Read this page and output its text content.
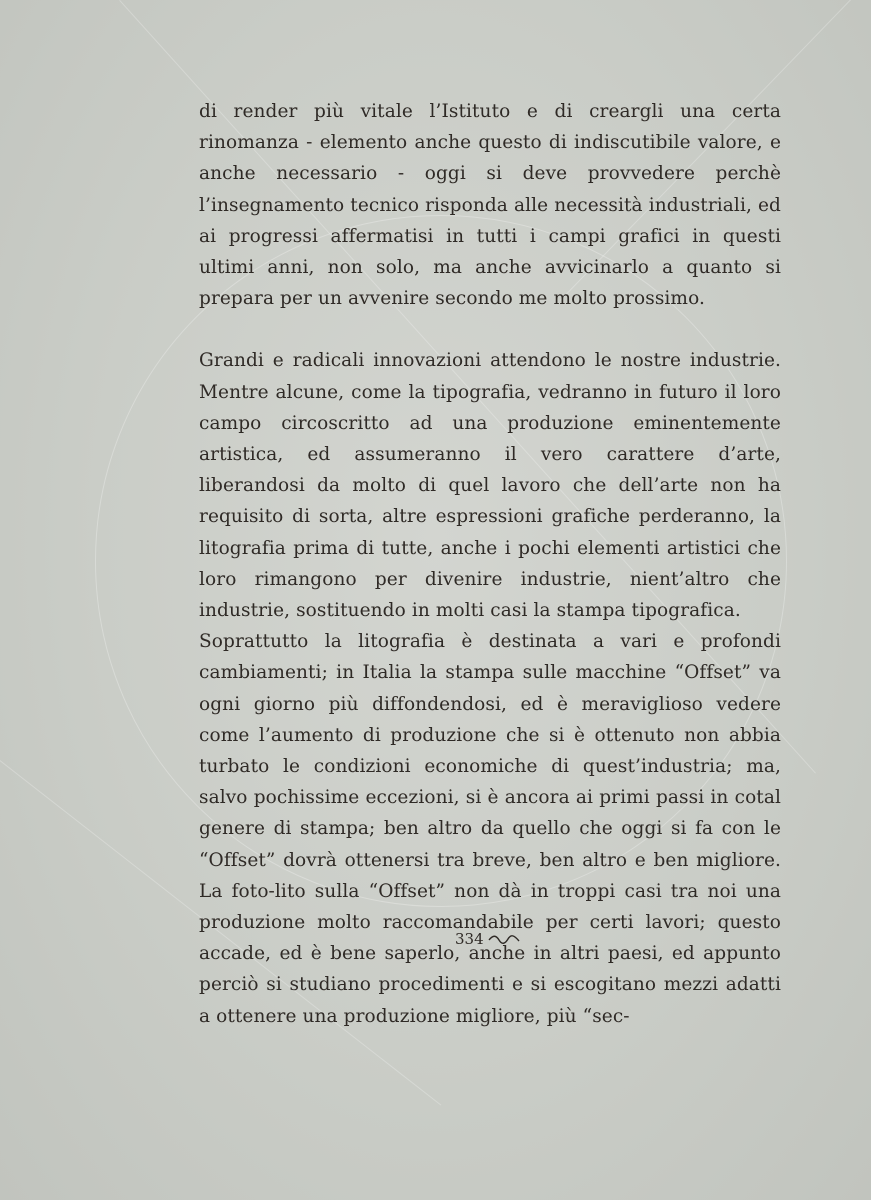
di render più vitale l’Istituto e di creargli una certa rinomanza - elemento anche questo di indiscutibile valore, e anche necessario - oggi si deve provvedere perchè l’insegnamento tecnico risponda alle necessità industriali, ed ai progressi affermatisi in tutti i campi grafici in questi ultimi anni, non solo, ma anche avvicinarlo a quanto si prepara per un avvenire secondo me molto prossimo.

Grandi e radicali innovazioni attendono le nostre industrie. Mentre alcune, come la tipografia, vedranno in futuro il loro campo circoscritto ad una produzione eminentemente artistica, ed assumeranno il vero carattere d’arte, liberandosi da molto di quel lavoro che dell’arte non ha requisito di sorta, altre espressioni grafiche perderanno, la litografia prima di tutte, anche i pochi elementi artistici che loro rimangono per divenire industrie, nient’altro che industrie, sostituendo in molti casi la stampa tipografica.

Soprattutto la litografia è destinata a vari e profondi cambiamenti; in Italia la stampa sulle macchine “Offset” va ogni giorno più diffondendosi, ed è meraviglioso vedere come l’aumento di produzione che si è ottenuto non abbia turbato le condizioni economiche di quest’industria; ma, salvo pochissime eccezioni, si è ancora ai primi passi in cotal genere di stampa; ben altro da quello che oggi si fa con le “Offset” dovrà ottenersi tra breve, ben altro e ben migliore. La foto-lito sulla “Offset” non dà in troppi casi tra noi una produzione molto raccomandabile per certi lavori; questo accade, ed è bene saperlo, anche in altri paesi, ed appunto perciò si studiano procedimenti e si escogitano mezzi adatti a ottenere una produzione migliore, più “sec-

334
